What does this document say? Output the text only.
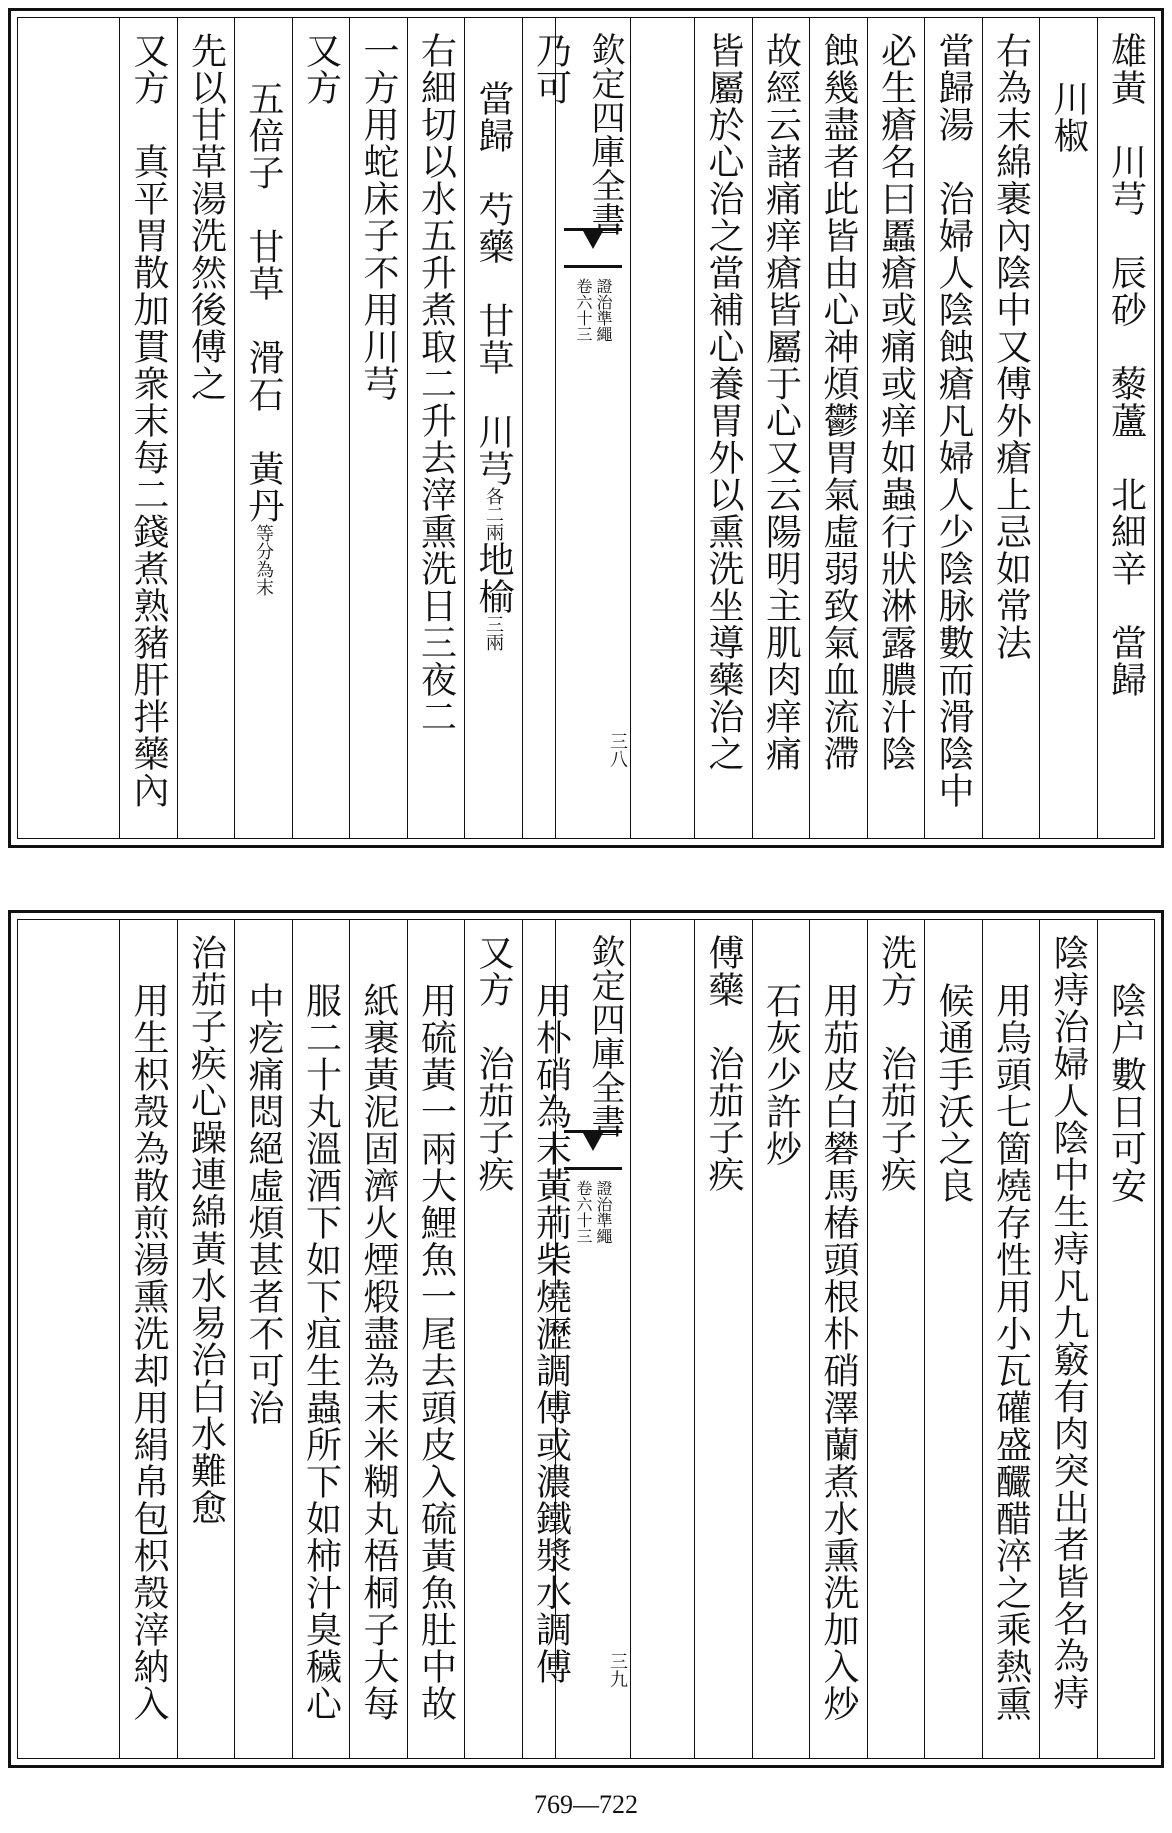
雄黃　川芎　辰砂　藜蘆　北細辛　當歸
川椒
右為末綿裹內陰中又傅外瘡上忌如常法
當歸湯　治婦人陰蝕瘡凡婦人少陰脉數而滑陰中
必生瘡名曰䘌瘡或痛或痒如蟲行狀淋露膿汁陰
蝕幾盡者此皆由心神煩鬱胃氣虛弱致氣血流滯
故經云諸痛痒瘡皆屬于心又云陽明主肌肉痒痛
皆屬於心治之當補心養胃外以熏洗坐導藥治之
欽定四庫全書
證治準繩
卷六十三
三八
乃可
當歸　芍藥　甘草　川芎各二兩地榆三兩
右細切以水五升煮取二升去滓熏洗日三夜二
一方用蛇床子不用川芎
又方
五倍子　甘草　滑石　黃丹等分為末
先以甘草湯洗然後傅之
又方　真平胃散加貫衆末每二錢煮熟豬肝拌藥內
陰户數日可安
陰痔治婦人陰中生痔凡九竅有肉突出者皆名為痔
用烏頭七箇燒存性用小瓦礶盛釅醋淬之乘熱熏
候通手沃之良
洗方　治茄子疾
用茄皮白礬馬椿頭根朴硝澤蘭煮水熏洗加入炒
石灰少許炒
傅藥　治茄子疾
欽定四庫全書
證治準繩
卷六十三
三九
用朴硝為末黃荊柴燒瀝調傅或濃鐵漿水調傅
又方　治茄子疾
用硫黃一兩大鯉魚一尾去頭皮入硫黃魚肚中故
紙裹黃泥固濟火煙煅盡為末米糊丸梧桐子大每
服二十丸溫酒下如下疽生蟲所下如柿汁臭穢心
中疙痛悶絕虛煩甚者不可治
治茄子疾心躁連綿黃水易治白水難愈
用生枳殼為散煎湯熏洗却用絹帛包枳殼滓納入
769—722
